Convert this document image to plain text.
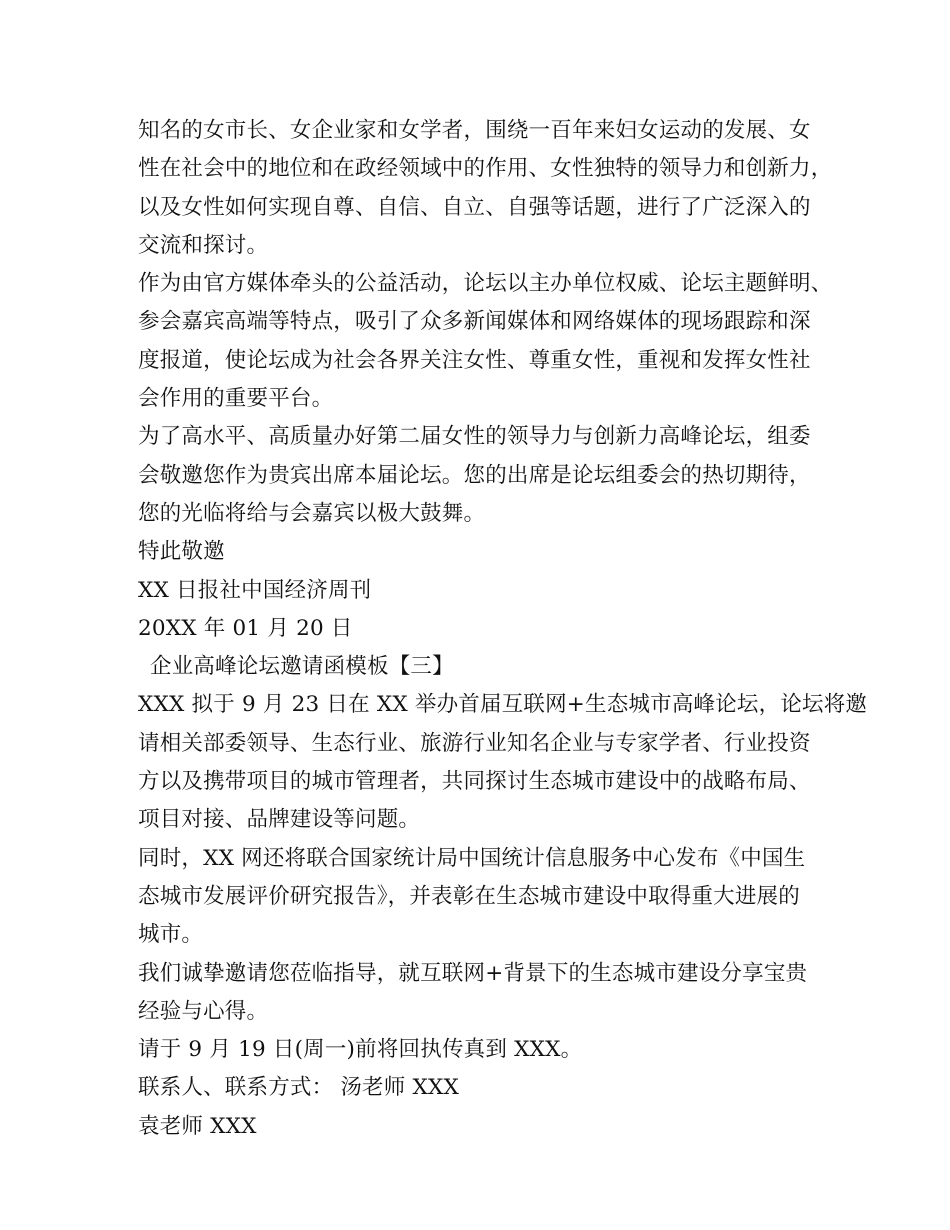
知名的女市长、女企业家和女学者，围绕一百年来妇女运动的发展、女
性在社会中的地位和在政经领域中的作用、女性独特的领导力和创新力，
以及女性如何实现自尊、自信、自立、自强等话题，进行了广泛深入的
交流和探讨。
作为由官方媒体牵头的公益活动，论坛以主办单位权威、论坛主题鲜明、
参会嘉宾高端等特点，吸引了众多新闻媒体和网络媒体的现场跟踪和深
度报道，使论坛成为社会各界关注女性、尊重女性，重视和发挥女性社
会作用的重要平台。
为了高水平、高质量办好第二届女性的领导力与创新力高峰论坛，组委
会敬邀您作为贵宾出席本届论坛。您的出席是论坛组委会的热切期待，
您的光临将给与会嘉宾以极大鼓舞。
特此敬邀
XX 日报社中国经济周刊
20XX 年 01 月 20 日
企业高峰论坛邀请函模板【三】
XXX 拟于 9 月 23 日在 XX 举办首届互联网+生态城市高峰论坛，论坛将邀
请相关部委领导、生态行业、旅游行业知名企业与专家学者、行业投资
方以及携带项目的城市管理者，共同探讨生态城市建设中的战略布局、
项目对接、品牌建设等问题。
同时，XX 网还将联合国家统计局中国统计信息服务中心发布《中国生
态城市发展评价研究报告》，并表彰在生态城市建设中取得重大进展的
城市。
我们诚挚邀请您莅临指导，就互联网+背景下的生态城市建设分享宝贵
经验与心得。
请于 9 月 19 日(周一)前将回执传真到 XXX。
联系人、联系方式： 汤老师 XXX
袁老师 XXX
